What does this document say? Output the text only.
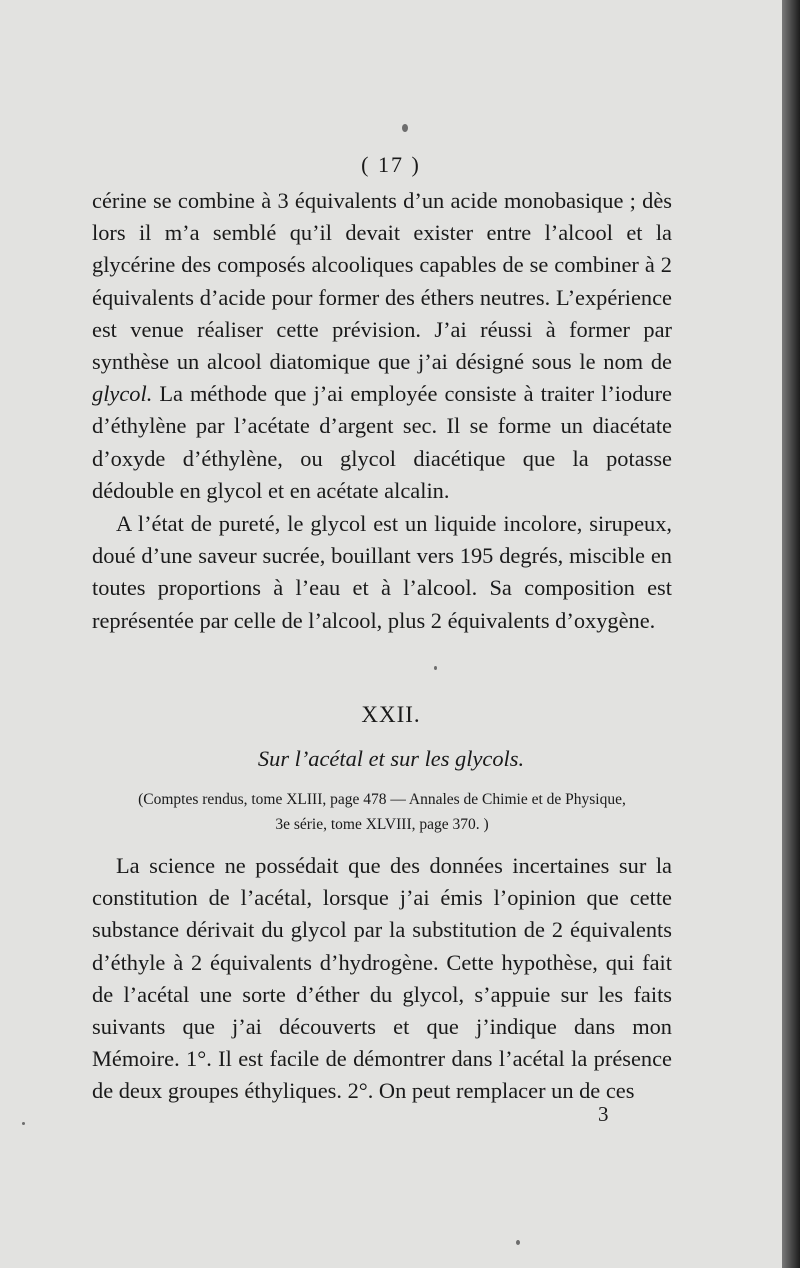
( 17 )

cérine se combine à 3 équivalents d’un acide monobasique ; dès lors il m’a semblé qu’il devait exister entre l’alcool et la glycérine des composés alcooliques capables de se combiner à 2 équivalents d’acide pour former des éthers neutres. L’expérience est venue réaliser cette prévision. J’ai réussi à former par synthèse un alcool diatomique que j’ai désigné sous le nom de glycol. La méthode que j’ai employée consiste à traiter l’iodure d’éthylène par l’acétate d’argent sec. Il se forme un diacétate d’oxyde d’éthylène, ou glycol diacétique que la potasse dédouble en glycol et en acétate alcalin.

A l’état de pureté, le glycol est un liquide incolore, sirupeux, doué d’une saveur sucrée, bouillant vers 195 degrés, miscible en toutes proportions à l’eau et à l’alcool. Sa composition est représentée par celle de l’alcool, plus 2 équivalents d’oxygène.

XXII.
Sur l’acétal et sur les glycols.
(Comptes rendus, tome XLIII, page 478 — Annales de Chimie et de Physique,
3e série, tome XLVIII, page 370. )

La science ne possédait que des données incertaines sur la constitution de l’acétal, lorsque j’ai émis l’opinion que cette substance dérivait du glycol par la substitution de 2 équivalents d’éthyle à 2 équivalents d’hydrogène. Cette hypothèse, qui fait de l’acétal une sorte d’éther du glycol, s’appuie sur les faits suivants que j’ai découverts et que j’indique dans mon Mémoire. 1°. Il est facile de démontrer dans l’acétal la présence de deux groupes éthyliques. 2°. On peut remplacer un de ces

3
